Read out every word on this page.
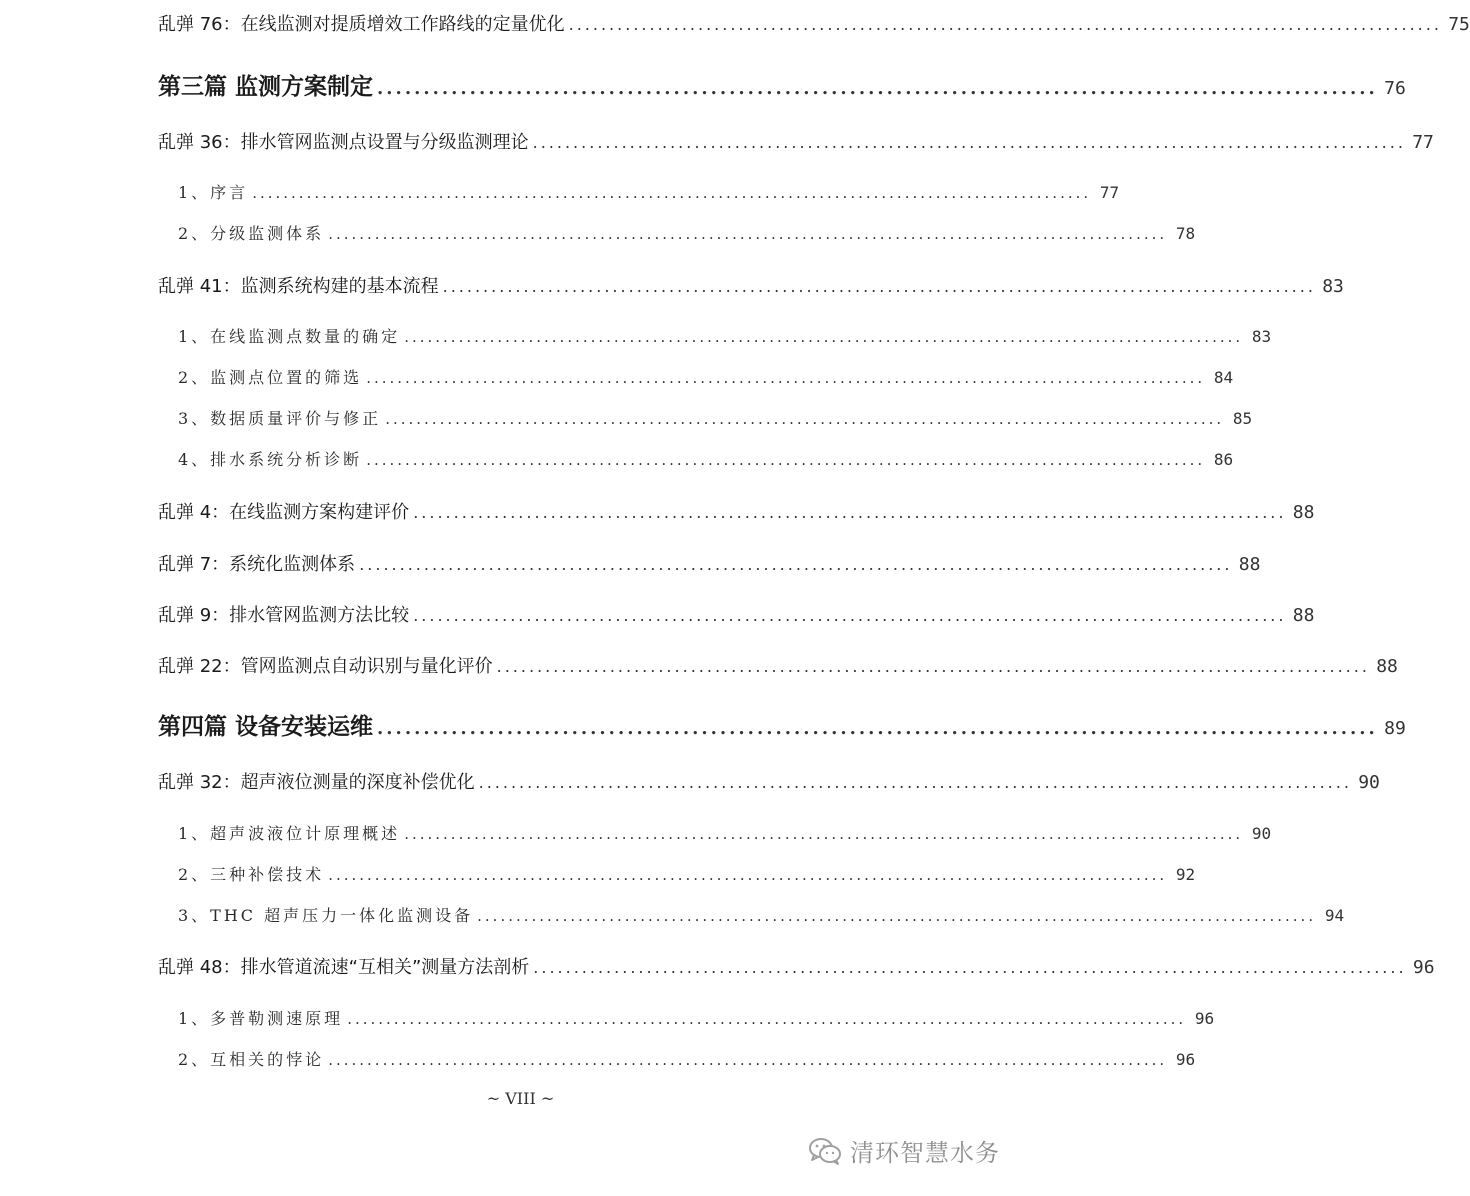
乱弹 76：在线监测对提质增效工作路线的定量优化 ............................................................................................................ 75
第三篇 监测方案制定 ............................................................................................................ 76
乱弹 36：排水管网监测点设置与分级监测理论 ............................................................................................................ 77
1、序言 ............................................................................................................ 77
2、分级监测体系 ............................................................................................................ 78
乱弹 41：监测系统构建的基本流程 ............................................................................................................ 83
1、在线监测点数量的确定 ............................................................................................................ 83
2、监测点位置的筛选 ............................................................................................................ 84
3、数据质量评价与修正 ............................................................................................................ 85
4、排水系统分析诊断 ............................................................................................................ 86
乱弹 4：在线监测方案构建评价 ............................................................................................................ 88
乱弹 7：系统化监测体系 ............................................................................................................ 88
乱弹 9：排水管网监测方法比较 ............................................................................................................ 88
乱弹 22：管网监测点自动识别与量化评价 ............................................................................................................ 88
第四篇 设备安装运维 ............................................................................................................ 89
乱弹 32：超声液位测量的深度补偿优化 ............................................................................................................ 90
1、超声波液位计原理概述 ............................................................................................................ 90
2、三种补偿技术 ............................................................................................................ 92
3、THC 超声压力一体化监测设备 ............................................................................................................ 94
乱弹 48：排水管道流速“互相关”测量方法剖析 ............................................................................................................ 96
1、多普勒测速原理 ............................................................................................................ 96
2、互相关的悖论 ............................................................................................................ 96
~ VIII ~
清环智慧水务
